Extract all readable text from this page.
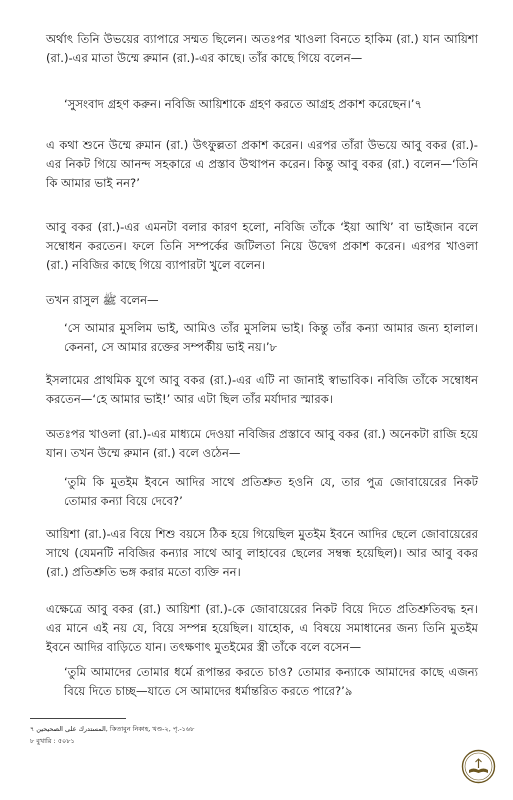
অর্থাৎ তিনি উভয়ের ব্যাপারে সম্মত ছিলেন। অতঃপর খাওলা বিনতে হাকিম (রা.) যান আয়িশা (রা.)-এর মাতা উম্মে রুমান (রা.)-এর কাছে। তাঁর কাছে গিয়ে বলেন—

‘সুসংবাদ গ্রহণ করুন। নবিজি আয়িশাকে গ্রহণ করতে আগ্রহ প্রকাশ করেছেন।’৭

এ কথা শুনে উম্মে রুমান (রা.) উৎফুল্লতা প্রকাশ করেন। এরপর তাঁরা উভয়ে আবু বকর (রা.)-এর নিকট গিয়ে আনন্দ সহকারে এ প্রস্তাব উত্থাপন করেন। কিন্তু আবু বকর (রা.) বলেন—‘তিনি কি আমার ভাই নন?’

আবু বকর (রা.)-এর এমনটা বলার কারণ হলো, নবিজি তাঁকে ‘ইয়া আখি’ বা ভাইজান বলে সম্বোধন করতেন। ফলে তিনি সম্পর্কের জটিলতা নিয়ে উদ্বেগ প্রকাশ করেন। এরপর খাওলা (রা.) নবিজির কাছে গিয়ে ব্যাপারটা খুলে বলেন।

তখন রাসুল ﷺ বলেন—

‘সে আমার মুসলিম ভাই, আমিও তাঁর মুসলিম ভাই। কিন্তু তাঁর কন্যা আমার জন্য হালাল। কেননা, সে আমার রক্তের সম্পর্কীয় ভাই নয়।’৮

ইসলামের প্রাথমিক যুগে আবু বকর (রা.)-এর এটি না জানাই স্বাভাবিক। নবিজি তাঁকে সম্বোধন করতেন—‘হে আমার ভাই!’ আর এটা ছিল তাঁর মর্যাদার স্মারক।

অতঃপর খাওলা (রা.)-এর মাধ্যমে দেওয়া নবিজির প্রস্তাবে আবু বকর (রা.) অনেকটা রাজি হয়ে যান। তখন উম্মে রুমান (রা.) বলে ওঠেন—

‘তুমি কি মুতইম ইবনে আদির সাথে প্রতিশ্রুত হওনি যে, তার পুত্র জোবায়েরের নিকট তোমার কন্যা বিয়ে দেবে?’

আয়িশা (রা.)-এর বিয়ে শিশু বয়সে ঠিক হয়ে গিয়েছিল মুতইম ইবনে আদির ছেলে জোবায়েরের সাথে (যেমনটি নবিজির কন্যার সাথে আবু লাহাবের ছেলের সম্বন্ধ হয়েছিল)। আর আবু বকর (রা.) প্রতিশ্রুতি ভঙ্গ করার মতো ব্যক্তি নন।

এক্ষেত্রে আবু বকর (রা.) আয়িশা (রা.)-কে জোবায়েরের নিকট বিয়ে দিতে প্রতিশ্রুতিবদ্ধ হন। এর মানে এই নয় যে, বিয়ে সম্পন্ন হয়েছিল। যাহোক, এ বিষয়ে সমাধানের জন্য তিনি মুতইম ইবনে আদির বাড়িতে যান। তৎক্ষণাৎ মুতইমের স্ত্রী তাঁকে বলে বসেন—

‘তুমি আমাদের তোমার ধর্মে রূপান্তর করতে চাও? তোমার কন্যাকে আমাদের কাছে এজন্য বিয়ে দিতে চাচ্ছ—যাতে সে আমাদের ধর্মান্তরিত করতে পারে?’৯

৭ المستدرك على الصحيحين, কিতাবুন নিকাহ, খণ্ড-২, পৃ.-১৬৮
৮ বুখারি : ৫০৮১
